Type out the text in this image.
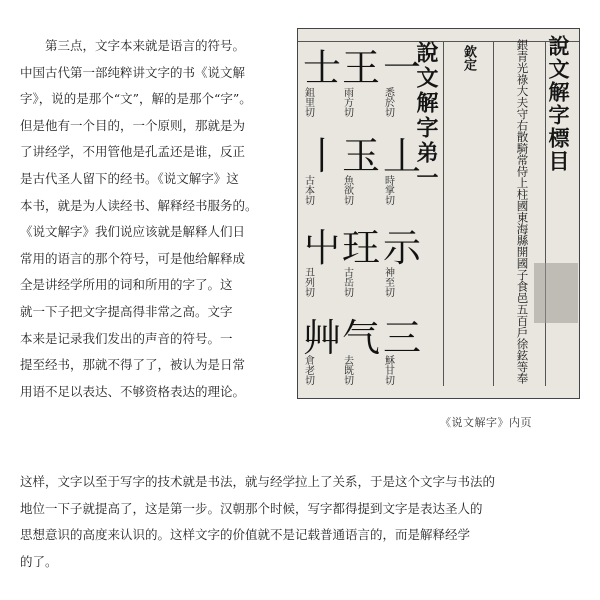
　　第三点，文字本来就是语言的符号。
中国古代第一部纯粹讲文字的书《说文解
字》，说的是那个“文”，解的是那个“字”。
但是他有一个目的，一个原则，那就是为
了讲经学，不用管他是孔孟还是谁，反正
是古代圣人留下的经书。《说文解字》这
本书，就是为人读经书、解释经书服务的。
《说文解字》我们说应该就是解释人们日
常用的语言的那个符号，可是他给解释成
全是讲经学所用的词和所用的字了。这
就一下子把文字提高得非常之高。文字
本来是记录我们发出的声音的符号。一
提至经书，那就不得了了，被认为是日常
用语不足以表达、不够资格表达的理论。
說文解字標目
銀青光祿大夫守右散騎常侍上柱國東海縣開國子食邑五百戶徐鉉等奉
欽定
說文解字弟一
一
悉於切
丄
時掌切
示
神至切
三
穌甘切
王
雨方切
玉
魚欲切
玨
古岳切
气
去既切
士
鉏里切
丨
古本切
屮
丑列切
艸
倉老切
《说文解字》内页
这样，文字以至于写字的技术就是书法，就与经学拉上了关系，于是这个文字与书法的
地位一下子就提高了，这是第一步。汉朝那个时候，写字都得提到文字是表达圣人的
思想意识的高度来认识的。这样文字的价值就不是记载普通语言的，而是解释经学
的了。
